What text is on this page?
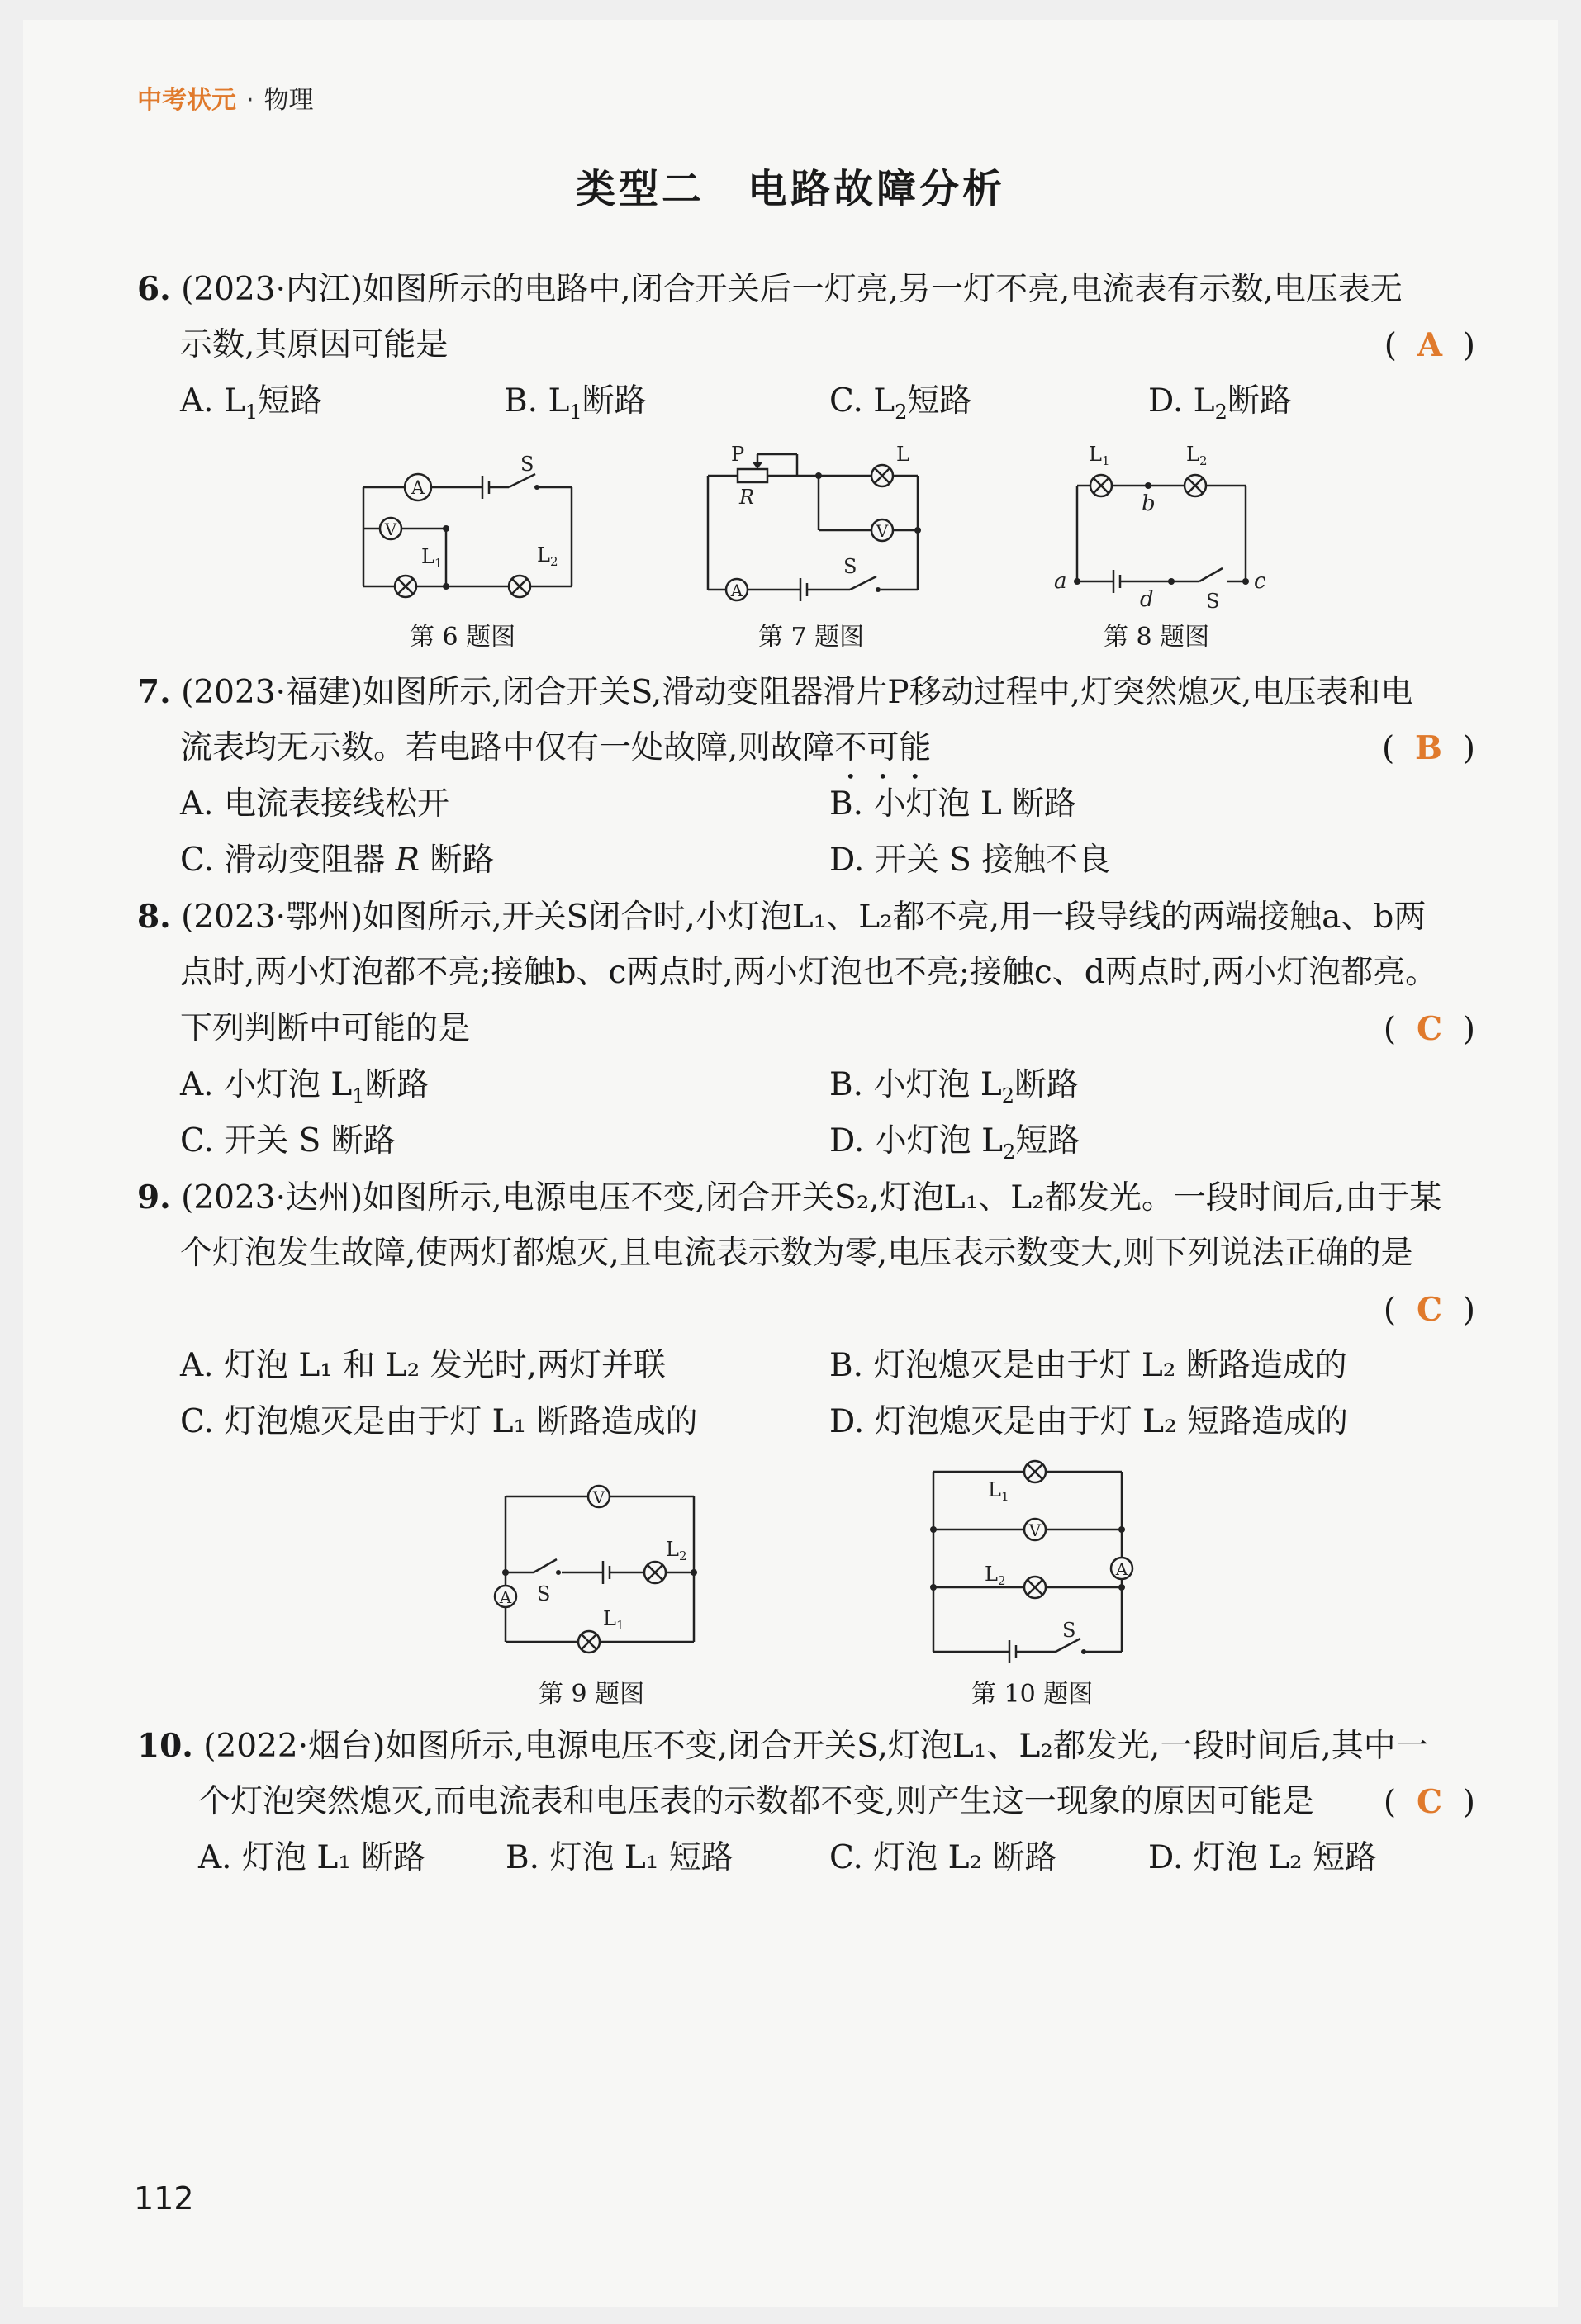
中考状元 · 物理
类型二　电路故障分析
6. (2023·内江)如图所示的电路中,闭合开关后一灯亮,另一灯不亮,电流表有示数,电压表无
示数,其原因可能是	(  A  )
A. $L_1$短路	B. $L_1$断路	C. $L_2$短路	D. $L_2$断路
A
V
S
$L_1$	$L_2$
第 6 题图
P
R
L
V
A
S
第 7 题图
$L_1$	$L_2$
b
a	c
d	S
第 8 题图
7. (2023·福建)如图所示,闭合开关S,滑动变阻器滑片P移动过程中,灯突然熄灭,电压表和电
流表均无示数。若电路中仅有一处故障,则故障不可能	(  B  )
A. 电流表接线松开	B. 小灯泡 L 断路
C. 滑动变阻器 R 断路	D. 开关 S 接触不良
8. (2023·鄂州)如图所示,开关S闭合时,小灯泡L₁、L₂都不亮,用一段导线的两端接触a、b两
点时,两小灯泡都不亮;接触b、c两点时,两小灯泡也不亮;接触c、d两点时,两小灯泡都亮。
下列判断中可能的是	(  C  )
A. 小灯泡 $L_1$断路	B. 小灯泡 $L_2$断路
C. 开关 S 断路	D. 小灯泡 $L_2$短路
9. (2023·达州)如图所示,电源电压不变,闭合开关S₂,灯泡L₁、L₂都发光。一段时间后,由于某
个灯泡发生故障,使两灯都熄灭,且电流表示数为零,电压表示数变大,则下列说法正确的是
(  C  )
A. 灯泡 L₁ 和 L₂ 发光时,两灯并联	B. 灯泡熄灭是由于灯 L₂ 断路造成的
C. 灯泡熄灭是由于灯 L₁ 断路造成的	D. 灯泡熄灭是由于灯 L₂ 短路造成的
V
A S
$L_2$
$L_1$
第 9 题图
$L_1$
V
$L_2$
A
S
第 10 题图
10. (2022·烟台)如图所示,电源电压不变,闭合开关S,灯泡L₁、L₂都发光,一段时间后,其中一
个灯泡突然熄灭,而电流表和电压表的示数都不变,则产生这一现象的原因可能是 (  C  )
A. 灯泡 L₁ 断路 B. 灯泡 L₁ 短路	C. 灯泡 L₂ 断路	D. 灯泡 L₂ 短路
112
